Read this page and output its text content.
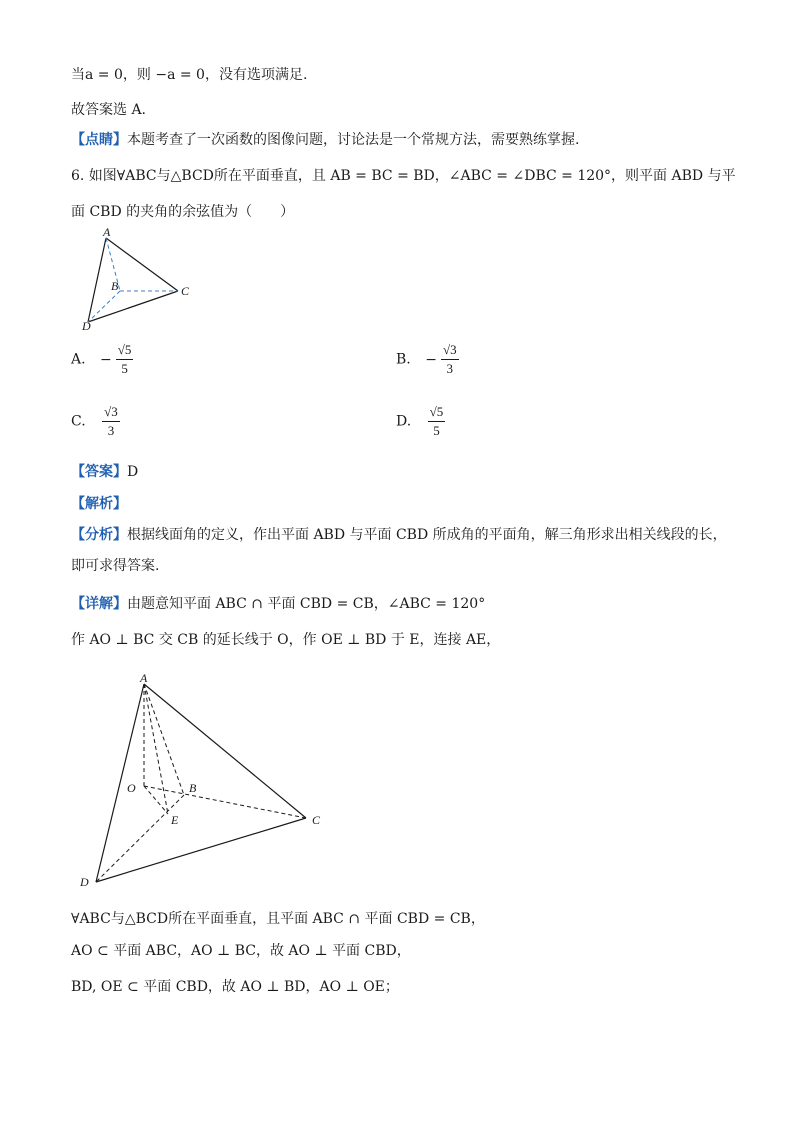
当a = 0，则 −a = 0，没有选项满足.
故答案选 A.
【点睛】本题考查了一次函数的图像问题，讨论法是一个常规方法，需要熟练掌握.
6. 如图∀ABC与△BCD所在平面垂直，且 AB = BC = BD，∠ABC = ∠DBC = 120°，则平面 ABD 与平
面 CBD 的夹角的余弦值为（　　）
A
B	C
D
A. − $\frac{√5}{5}$	B. − $\frac{√3}{3}$
C. $\frac{√3}{3}$	D. $\frac{√5}{5}$
【答案】D
【解析】
【分析】根据线面角的定义，作出平面 ABD 与平面 CBD 所成角的平面角，解三角形求出相关线段的长，
即可求得答案.
【详解】由题意知平面 ABC ∩ 平面 CBD = CB，∠ABC = 120°
作 AO ⊥ BC 交 CB 的延长线于 O，作 OE ⊥ BD 于 E，连接 AE，
A
O	B
E	C
D
∀ABC与△BCD所在平面垂直，且平面 ABC ∩ 平面 CBD = CB，
AO ⊂ 平面 ABC，AO ⊥ BC，故 AO ⊥ 平面 CBD，
BD, OE ⊂ 平面 CBD，故 AO ⊥ BD，AO ⊥ OE；
